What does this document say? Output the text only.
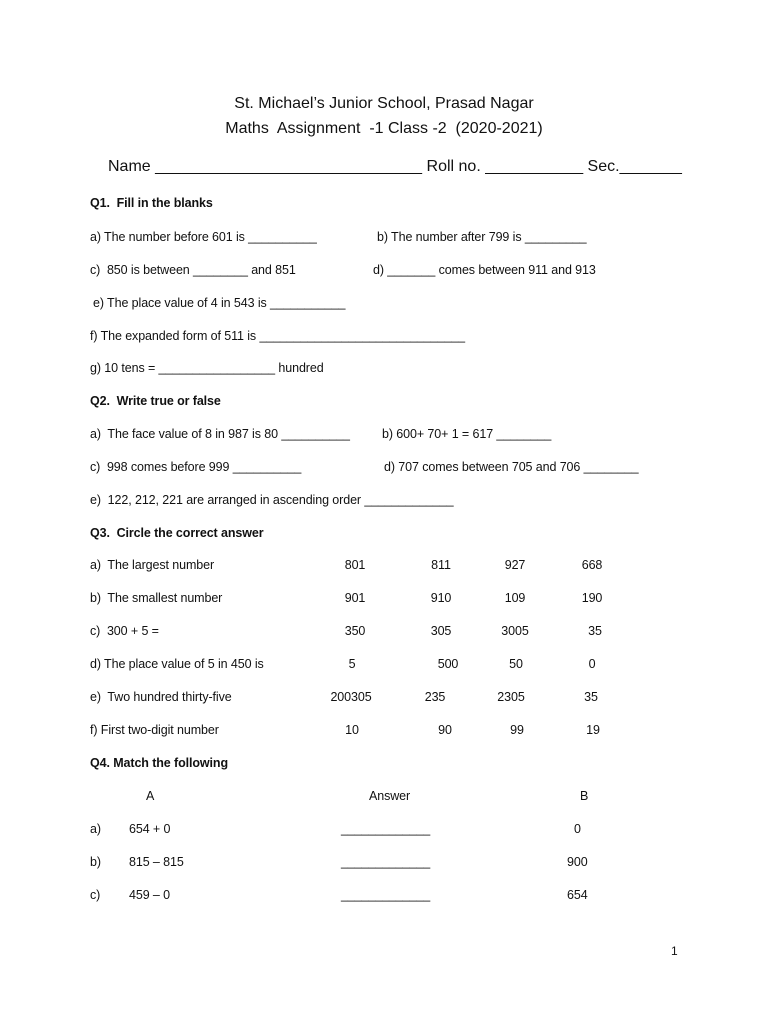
St. Michael’s Junior School, Prasad Nagar
Maths  Assignment  -1 Class -2  (2020-2021)
Name ______________________________ Roll no. ___________ Sec._______
Q1.  Fill in the blanks
a) The number before 601 is __________	b) The number after 799 is _________
c)  850 is between ________ and 851	d) _______ comes between 911 and 913
e) The place value of 4 in 543 is ___________
f) The expanded form of 511 is ______________________________
g) 10 tens = _________________ hundred
Q2.  Write true or false
a)  The face value of 8 in 987 is 80 __________	b) 600+ 70+ 1 = 617 ________
c)  998 comes before 999 __________	d) 707 comes between 705 and 706 ________
e)  122, 212, 221 are arranged in ascending order _____________
Q3.  Circle the correct answer
a)  The largest number	801	811	927	668
b)  The smallest number	901	910	109	190
c)  300 + 5 =	350	305	3005	35
d) The place value of 5 in 450 is	5	500	50	0
e)  Two hundred thirty-five	200305	235	2305	35
f) First two-digit number	10	90	99	19
Q4. Match the following
A	Answer	B
a) 654 + 0	_____________	0
b) 815 – 815	_____________	900
c) 459 – 0	_____________	654
1
